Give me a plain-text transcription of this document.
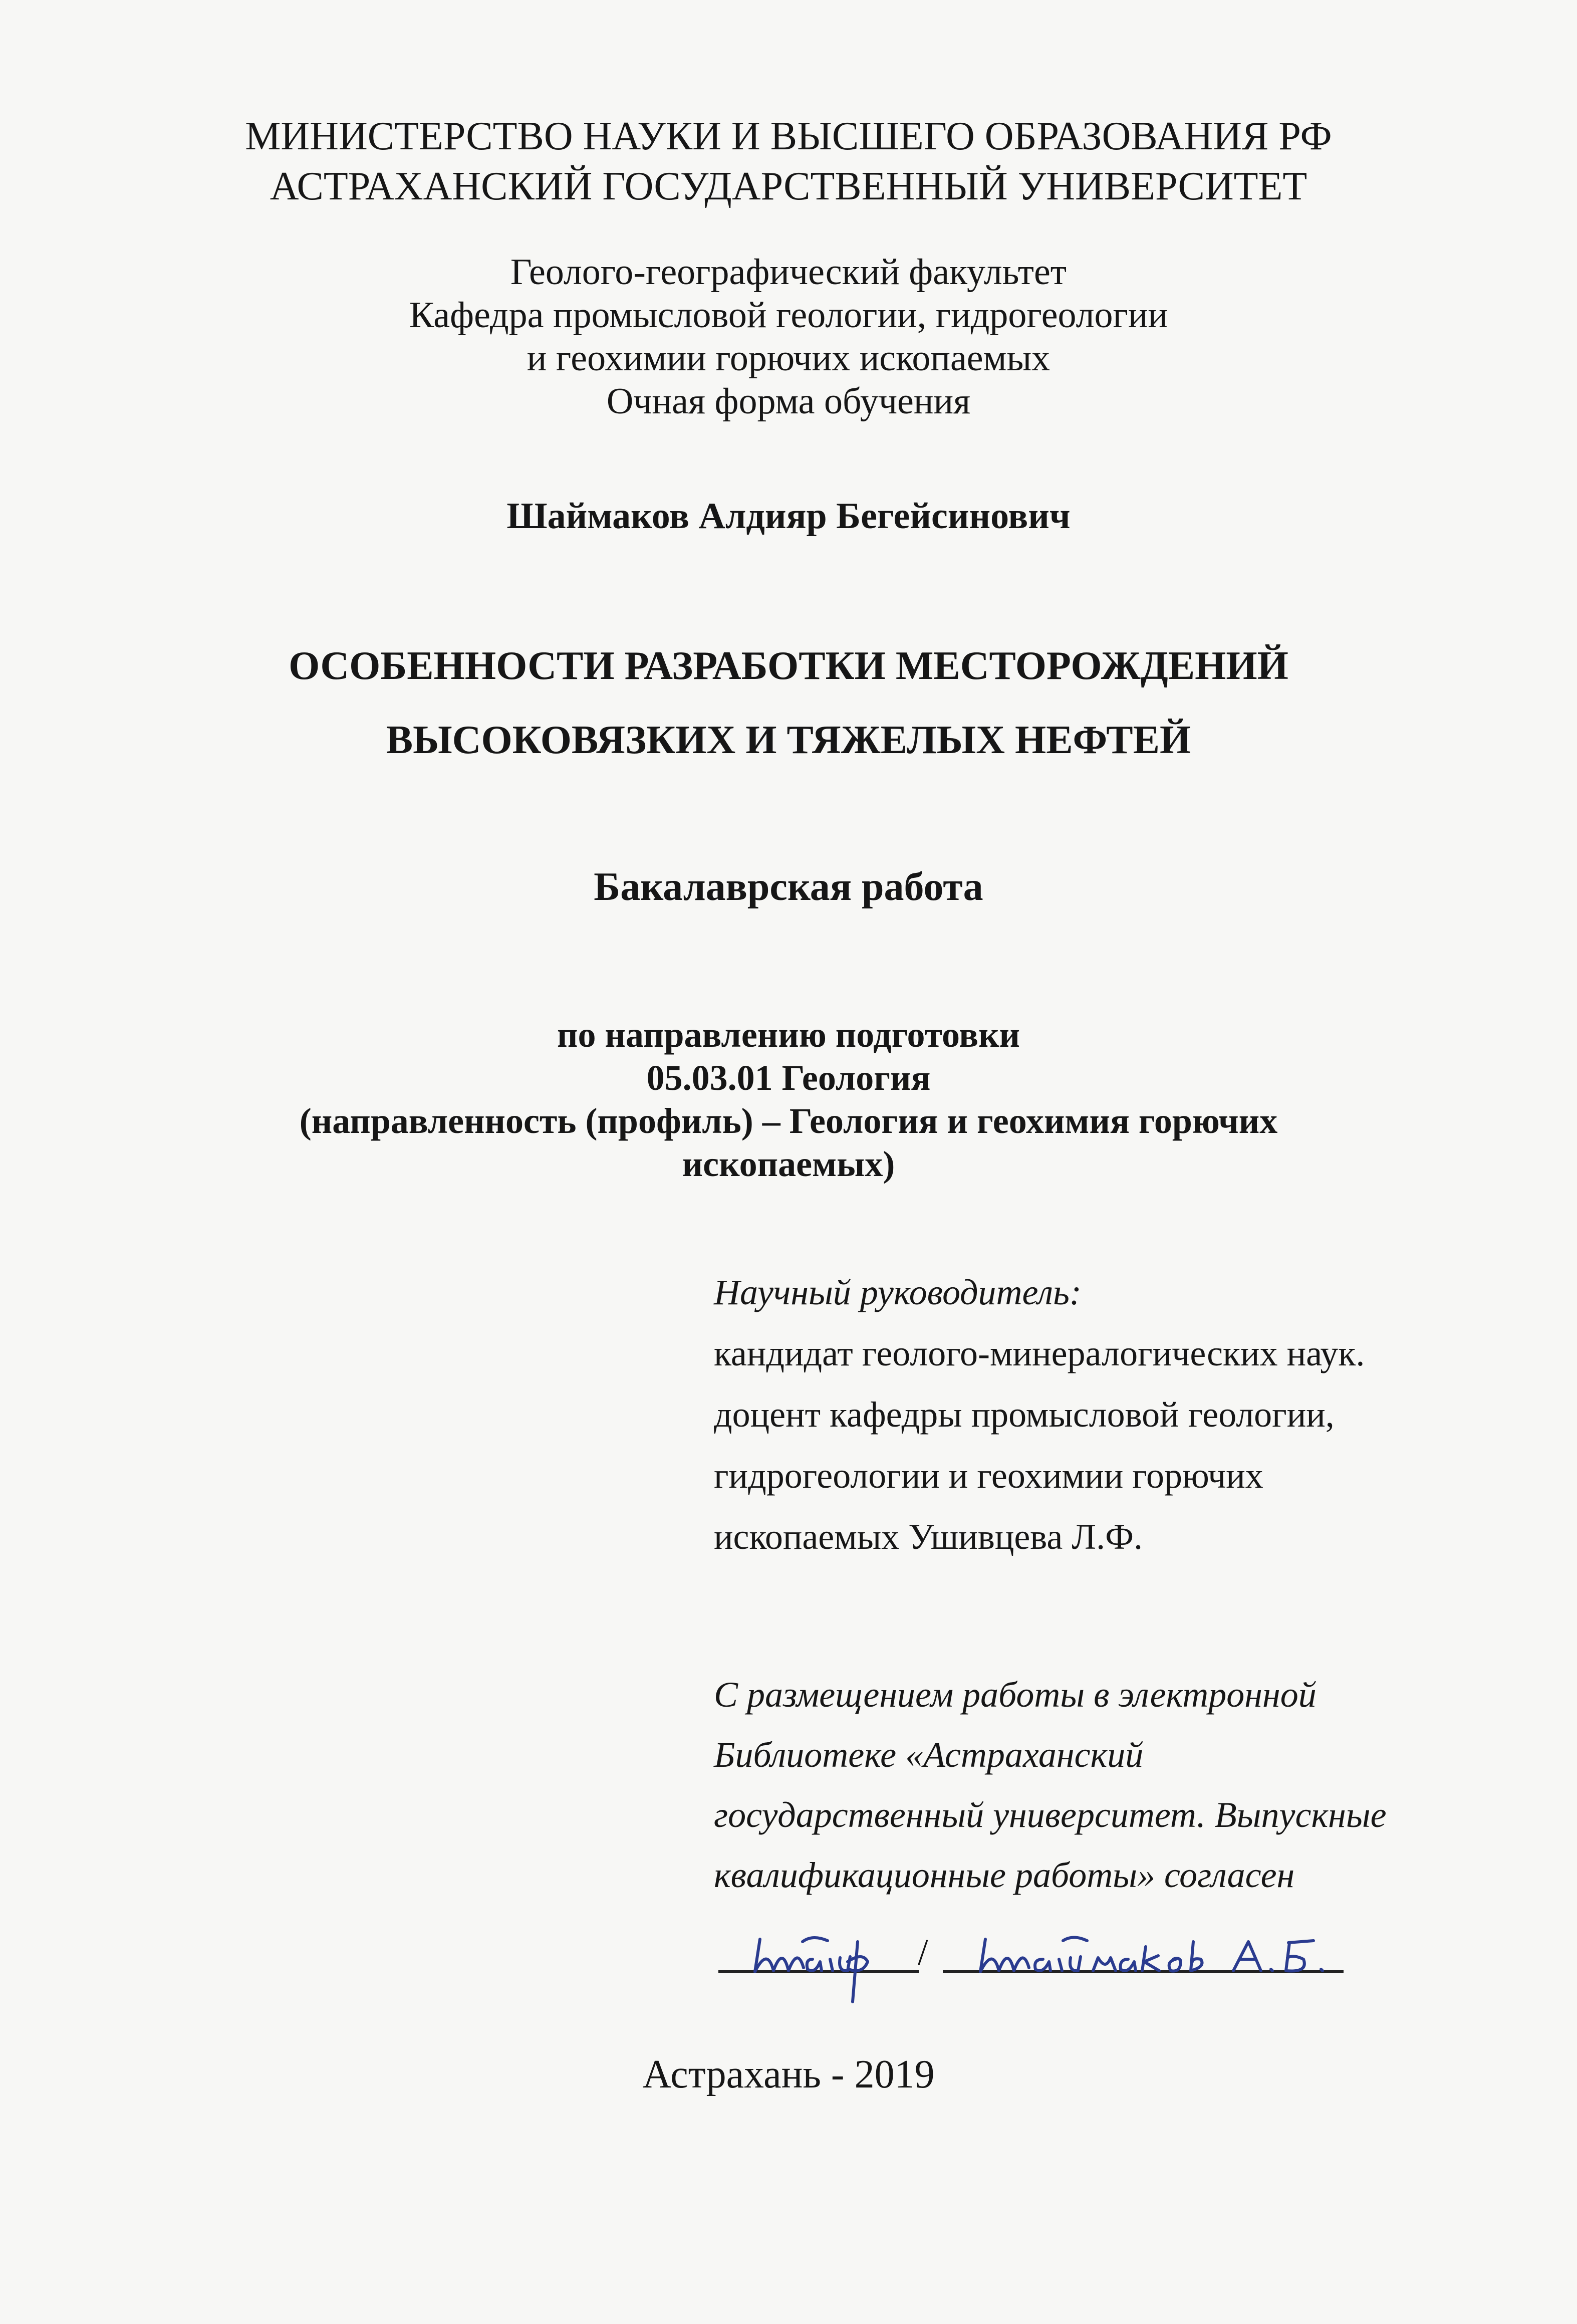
МИНИСТЕРСТВО НАУКИ И ВЫСШЕГО ОБРАЗОВАНИЯ РФ
АСТРАХАНСКИЙ ГОСУДАРСТВЕННЫЙ УНИВЕРСИТЕТ
Геолого-географический факультет
Кафедра промысловой геологии, гидрогеологии
и геохимии горючих ископаемых
Очная форма обучения
Шаймаков Алдияр Бегейсинович
ОСОБЕННОСТИ РАЗРАБОТКИ МЕСТОРОЖДЕНИЙ
ВЫСОКОВЯЗКИХ И ТЯЖЕЛЫХ НЕФТЕЙ
Бакалаврская работа
по направлению подготовки
05.03.01 Геология
(направленность (профиль) – Геология и геохимия горючих
ископаемых)
Научный руководитель:
кандидат геолого-минералогических наук.
доцент кафедры промысловой геологии,
гидрогеологии и геохимии горючих
ископаемых Ушивцева Л.Ф.
С размещением работы в электронной
Библиотеке «Астраханский
государственный университет. Выпускные
квалификационные работы» согласен
/
Астрахань - 2019
